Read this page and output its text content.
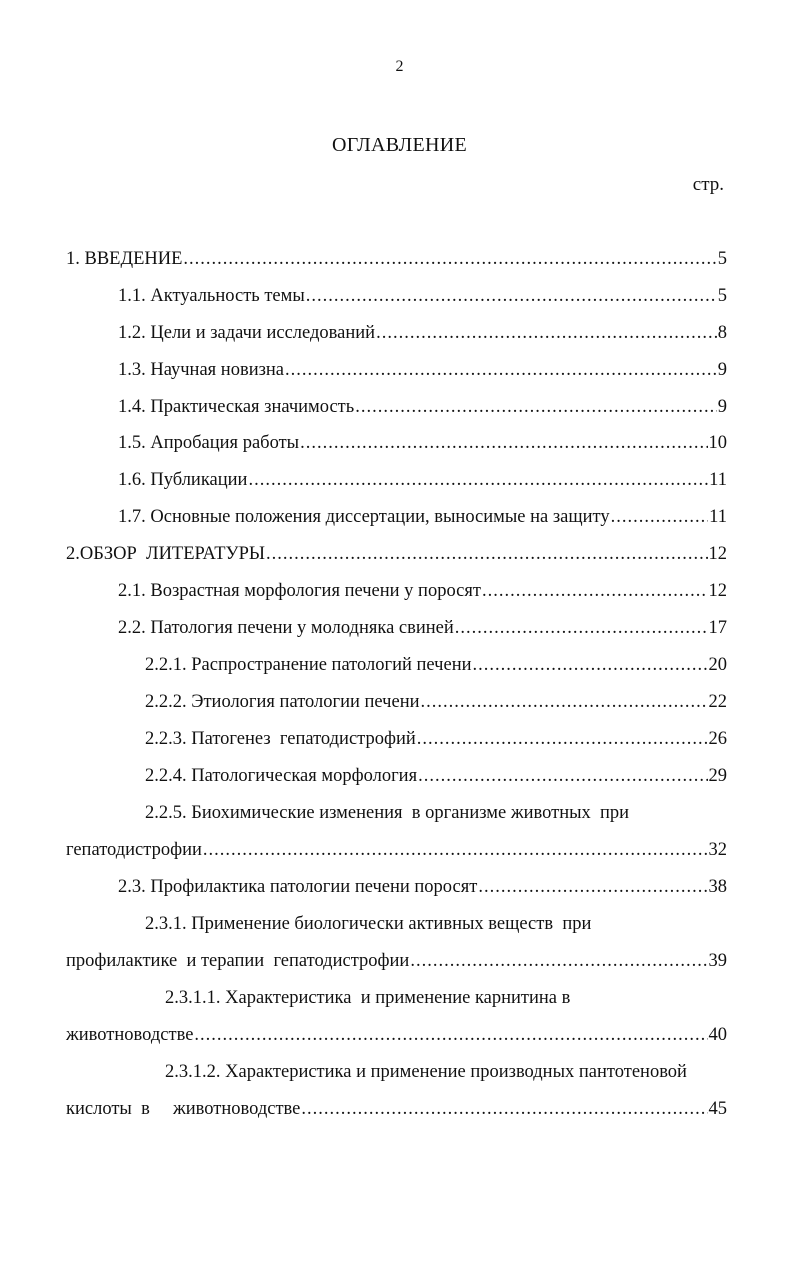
2
ОГЛАВЛЕНИЕ
стр.
1. ВВЕДЕНИЕ .....	5
1.1. Актуальность темы .....	5
1.2. Цели и задачи исследований .....	8
1.3. Научная новизна .....	9
1.4. Практическая значимость .....	9
1.5. Апробация работы .....	10
1.6. Публикации .....	11
1.7. Основные положения диссертации, выносимые на защиту .....	11
2.ОБЗОР  ЛИТЕРАТУРЫ .....	12
2.1. Возрастная морфология печени у поросят .....	12
2.2. Патология печени у молодняка свиней .....	17
2.2.1. Распространение патологий печени .....	20
2.2.2. Этиология патологии печени .....	22
2.2.3. Патогенез  гепатодистрофий .....	26
2.2.4. Патологическая морфология .....	29
2.2.5. Биохимические изменения  в организме животных  при
гепатодистрофии .....	32
2.3. Профилактика патологии печени поросят .....	38
2.3.1. Применение биологически активных веществ  при
профилактике  и терапии  гепатодистрофии .....	39
2.3.1.1. Характеристика  и применение карнитина в
животноводстве .....	40
2.3.1.2. Характеристика и применение производных пантотеновой
кислоты  в     животноводстве .....	45
